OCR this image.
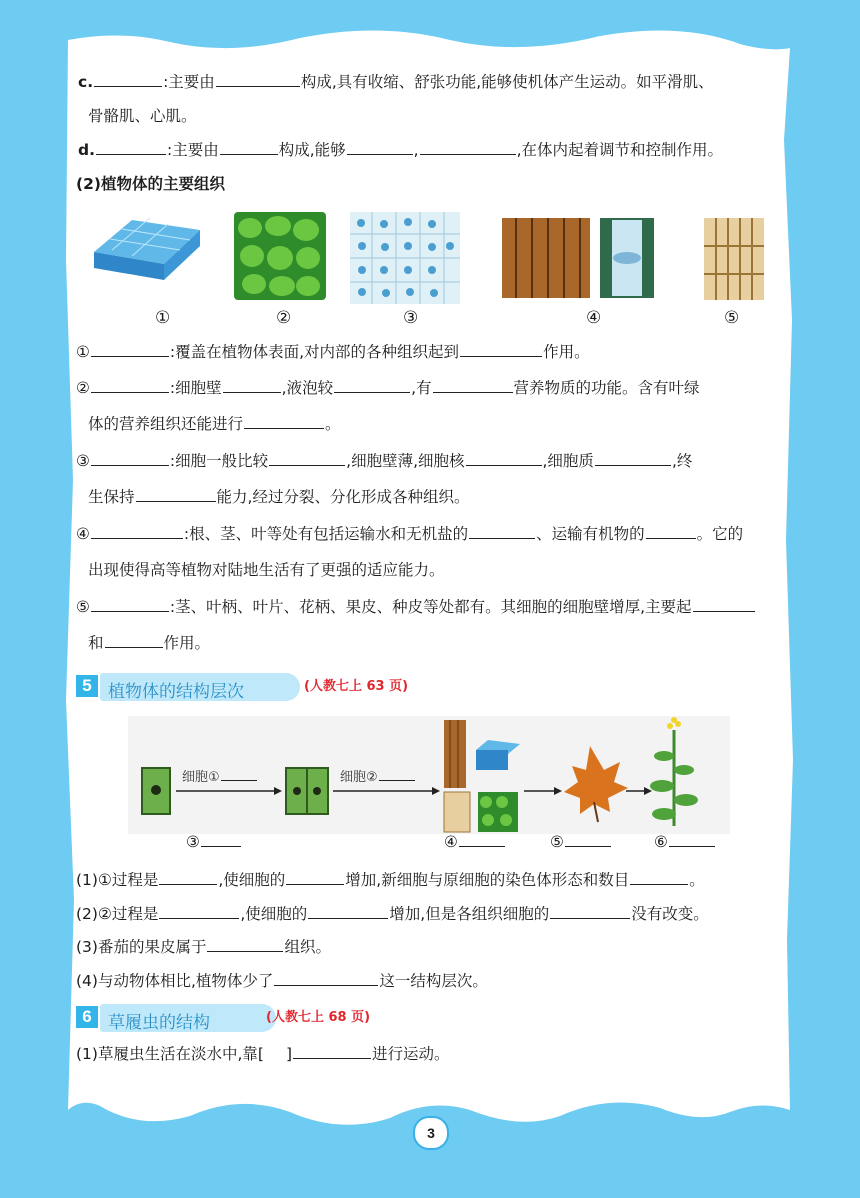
c.	:主要由	构成,具有收缩、舒张功能,能够使机体产生运动。如平滑肌、
骨骼肌、心肌。
d.	:主要由	构成,能够	,	,在体内起着调节和控制作用。
(2)植物体的主要组织
①	②	③	④	⑤
①	:覆盖在植物体表面,对内部的各种组织起到	作用。
②	:细胞壁	,液泡较	,有	营养物质的功能。含有叶绿
体的营养组织还能进行	。
③	:细胞一般比较	,细胞壁薄,细胞核	,细胞质	,终
生保持	能力,经过分裂、分化形成各种组织。
④	:根、茎、叶等处有包括运输水和无机盐的	、运输有机物的	。它的
出现使得高等植物对陆地生活有了更强的适应能力。
⑤	:茎、叶柄、叶片、花柄、果皮、种皮等处都有。其细胞的细胞壁增厚,主要起
和	作用。
5 植物体的结构层次	(人教七上 63 页)
细胞①	细胞②
③	④	⑤	⑥
(1)①过程是	,使细胞的	增加,新细胞与原细胞的染色体形态和数目	。
(2)②过程是	,使细胞的	增加,但是各组织细胞的	没有改变。
(3)番茄的果皮属于	组织。
(4)与动物体相比,植物体少了	这一结构层次。
6 草履虫的结构	(人教七上 68 页)
(1)草履虫生活在淡水中,靠[ ]	进行运动。
3
